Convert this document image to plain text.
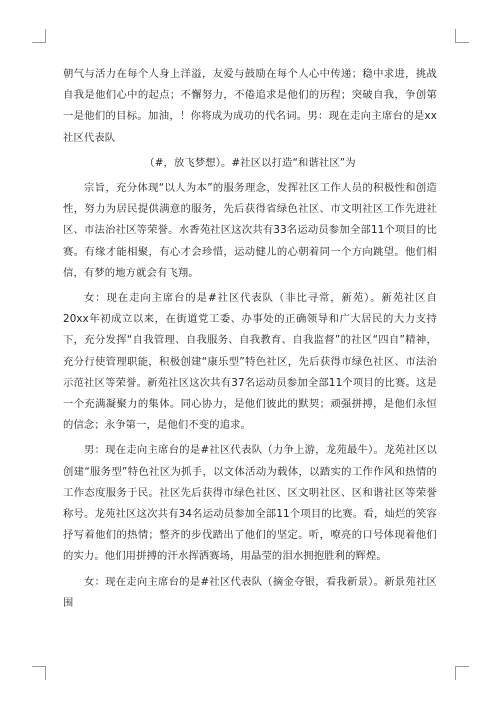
朝气与活力在每个人身上洋溢，友爱与鼓励在每个人心中传递；稳中求进，挑战自我是他们心中的起点；不懈努力，不倦追求是他们的历程；突破自我，争创第一是他们的目标。加油，！你将成为成功的代名词。男：现在走向主席台的是xx社区代表队

（#，放飞梦想）。#社区以打造“和谐社区”为

宗旨，充分体现“以人为本”的服务理念，发挥社区工作人员的积极性和创造性，努力为居民提供满意的服务，先后获得省绿色社区、市文明社区工作先进社区、市法治社区等荣誉。水香苑社区这次共有33名运动员参加全部11个项目的比赛。有缘才能相聚，有心才会珍惜，运动健儿的心朝着同一个方向跳望。他们相信，有梦的地方就会有飞翔。

女：现在走向主席台的是#社区代表队（非比寻常，新苑）。新苑社区自20xx年初成立以来，在街道党工委、办事处的正确领导和广大居民的大力支持下，充分发挥“自我管理、自我服务、自我教育、自我监督”的社区“四自”精神，充分行使管理职能，积极创建“康乐型”特色社区，先后获得市绿色社区、市法治示范社区等荣誉。新苑社区这次共有37名运动员参加全部11个项目的比赛。这是一个充满凝聚力的集体。同心协力，是他们彼此的默契；顽强拼搏，是他们永恒的信念；永争第一，是他们不变的追求。

男：现在走向主席台的是#社区代表队（力争上游，龙苑最牛）。龙苑社区以创建“服务型”特色社区为抓手，以文体活动为载体，以踏实的工作作风和热情的工作态度服务于民。社区先后获得市绿色社区、区文明社区、区和谐社区等荣誉称号。龙苑社区这次共有34名运动员参加全部11个项目的比赛。看，灿烂的笑容抒写着他们的热情；整齐的步伐踏出了他们的坚定。听，嘹亮的口号体现着他们的实力。他们用拼搏的汗水挥洒赛场，用晶莹的泪水拥抱胜利的辉煌。

女：现在走向主席台的是#社区代表队（摘金夺银，看我新景）。新景苑社区围
